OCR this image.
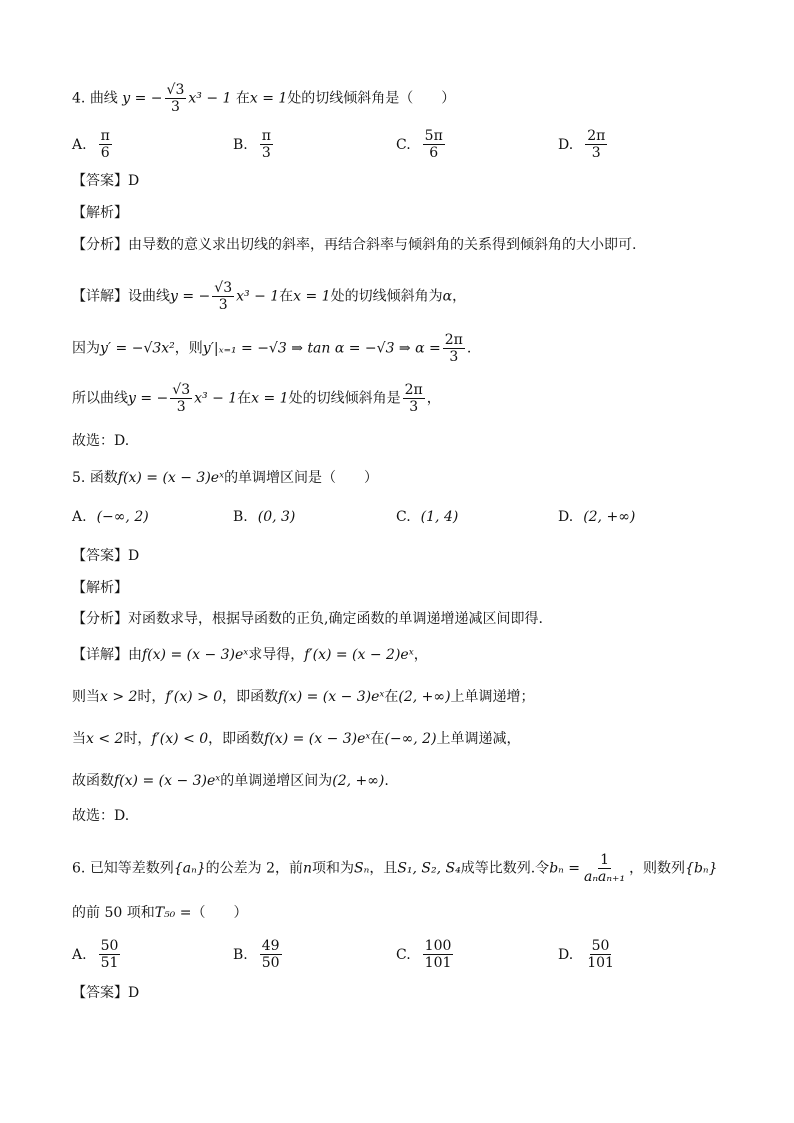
4. 曲线 y = − $\frac{√3}{3} x^3 - 1$ 在x = 1处的切线倾斜角是（　　）
A. $\frac{\pi}{6}$	B. $\frac{\pi}{3}$	C. $\frac{5\pi}{6}$	D. $\frac{2\pi}{3}$
【答案】D
【解析】
【分析】由导数的意义求出切线的斜率，再结合斜率与倾斜角的关系得到倾斜角的大小即可.
【详解】设曲线y = − $\frac{√3}{3} x^3 - 1$在x = 1处的切线倾斜角为α，
因为y′ = −√3x²，则y′|ₓ₌₁ = −√3 ⇒ tan α = −√3 ⇒ $\alpha = \frac{2\pi}{3}$ .
所以曲线y = − $\frac{√3}{3} x^3 - 1$在x = 1处的切线倾斜角是 $\frac{2\pi}{3}$ ，
故选：D.
5. 函数f(x) = (x − 3)eˣ的单调增区间是（　　）
A. (−∞, 2)	B. (0, 3)	C. (1, 4)	D. (2, +∞)
【答案】D
【解析】
【分析】对函数求导，根据导函数的正负,确定函数的单调递增递减区间即得.
【详解】由f(x) = (x − 3)eˣ求导得，f′(x) = (x − 2)eˣ，
则当x > 2时，f′(x) > 0，即函数f(x) = (x − 3)eˣ在(2, +∞)上单调递增；
当x < 2时，f′(x) < 0，即函数f(x) = (x − 3)eˣ在(−∞, 2)上单调递减，
故函数f(x) = (x − 3)eˣ的单调递增区间为(2, +∞).
故选：D.
6. 已知等差数列{aₙ}的公差为 2，前n项和为Sₙ，且S₁, S₂, S₄成等比数列.令$b_n = \frac{1}{\text{aₙaₙ₊₁}}$ ，则数列{bₙ}
的前 50 项和T₅₀ =（　　）
A. $\frac{50}{51}$	B. $\frac{49}{50}$	C. $\frac{100}{101}$	D. $\frac{50}{101}$
【答案】D
